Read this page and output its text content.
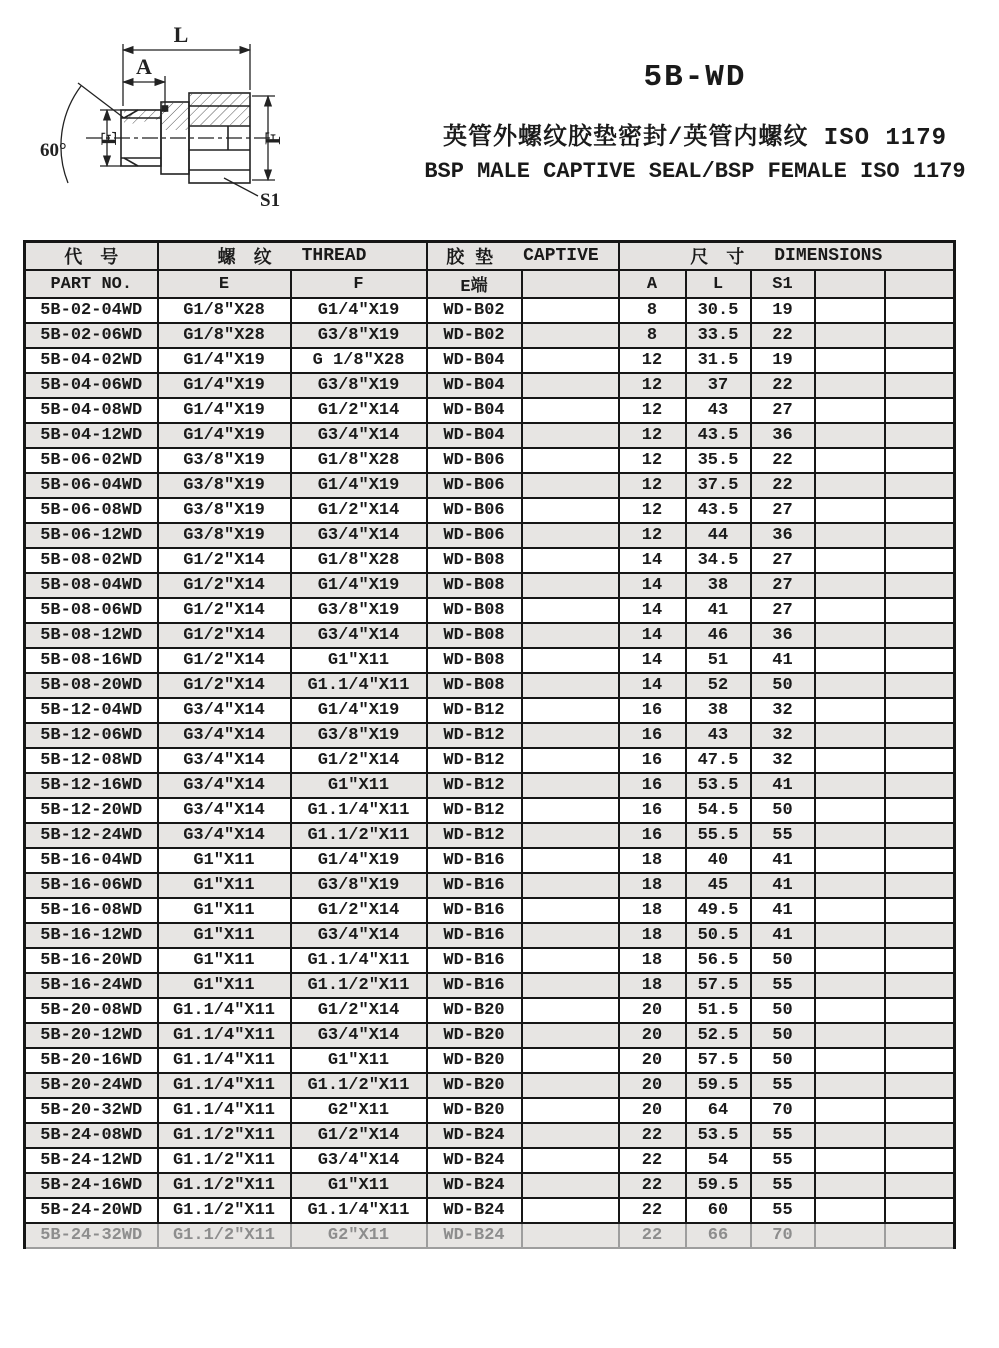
L
A
E	F
60°
S1
5B-WD
英管外螺纹胶垫密封/英管内螺纹 ISO 1179
BSP MALE CAPTIVE SEAL/BSP FEMALE ISO 1179
代　号	螺　纹 THREAD		胶 垫 CAPTIVE		尺　寸 DIMENSIONS				

PART NO.	E	F	E端		A	L	S1		
5B-02-04WD	G1/8″X28	G1/4″X19	WD-B02		8	30.5	19		
5B-02-06WD	G1/8″X28	G3/8″X19	WD-B02		8	33.5	22		
5B-04-02WD	G1/4″X19	G 1/8″X28	WD-B04		12	31.5	19		
5B-04-06WD	G1/4″X19	G3/8″X19	WD-B04		12	37	22		
5B-04-08WD	G1/4″X19	G1/2″X14	WD-B04		12	43	27		
5B-04-12WD	G1/4″X19	G3/4″X14	WD-B04		12	43.5	36		
5B-06-02WD	G3/8″X19	G1/8″X28	WD-B06		12	35.5	22		
5B-06-04WD	G3/8″X19	G1/4″X19	WD-B06		12	37.5	22		
5B-06-08WD	G3/8″X19	G1/2″X14	WD-B06		12	43.5	27		
5B-06-12WD	G3/8″X19	G3/4″X14	WD-B06		12	44	36		
5B-08-02WD	G1/2″X14	G1/8″X28	WD-B08		14	34.5	27		
5B-08-04WD	G1/2″X14	G1/4″X19	WD-B08		14	38	27		
5B-08-06WD	G1/2″X14	G3/8″X19	WD-B08		14	41	27		
5B-08-12WD	G1/2″X14	G3/4″X14	WD-B08		14	46	36		
5B-08-16WD	G1/2″X14	G1″X11	WD-B08		14	51	41		
5B-08-20WD	G1/2″X14	G1.1/4″X11	WD-B08		14	52	50		
5B-12-04WD	G3/4″X14	G1/4″X19	WD-B12		16	38	32		
5B-12-06WD	G3/4″X14	G3/8″X19	WD-B12		16	43	32		
5B-12-08WD	G3/4″X14	G1/2″X14	WD-B12		16	47.5	32		
5B-12-16WD	G3/4″X14	G1″X11	WD-B12		16	53.5	41		
5B-12-20WD	G3/4″X14	G1.1/4″X11	WD-B12		16	54.5	50		
5B-12-24WD	G3/4″X14	G1.1/2″X11	WD-B12		16	55.5	55		
5B-16-04WD	G1″X11	G1/4″X19	WD-B16		18	40	41		
5B-16-06WD	G1″X11	G3/8″X19	WD-B16		18	45	41		
5B-16-08WD	G1″X11	G1/2″X14	WD-B16		18	49.5	41		
5B-16-12WD	G1″X11	G3/4″X14	WD-B16		18	50.5	41		
5B-16-20WD	G1″X11	G1.1/4″X11	WD-B16		18	56.5	50		
5B-16-24WD	G1″X11	G1.1/2″X11	WD-B16		18	57.5	55		
5B-20-08WD	G1.1/4″X11	G1/2″X14	WD-B20		20	51.5	50		
5B-20-12WD	G1.1/4″X11	G3/4″X14	WD-B20		20	52.5	50		
5B-20-16WD	G1.1/4″X11	G1″X11	WD-B20		20	57.5	50		
5B-20-24WD	G1.1/4″X11	G1.1/2″X11	WD-B20		20	59.5	55		
5B-20-32WD	G1.1/4″X11	G2″X11	WD-B20		20	64	70		
5B-24-08WD	G1.1/2″X11	G1/2″X14	WD-B24		22	53.5	55		
5B-24-12WD	G1.1/2″X11	G3/4″X14	WD-B24		22	54	55		
5B-24-16WD	G1.1/2″X11	G1″X11	WD-B24		22	59.5	55		
5B-24-20WD	G1.1/2″X11	G1.1/4″X11	WD-B24		22	60	55		
5B-24-32WD	G1.1/2″X11	G2″X11	WD-B24		22	66	70		
